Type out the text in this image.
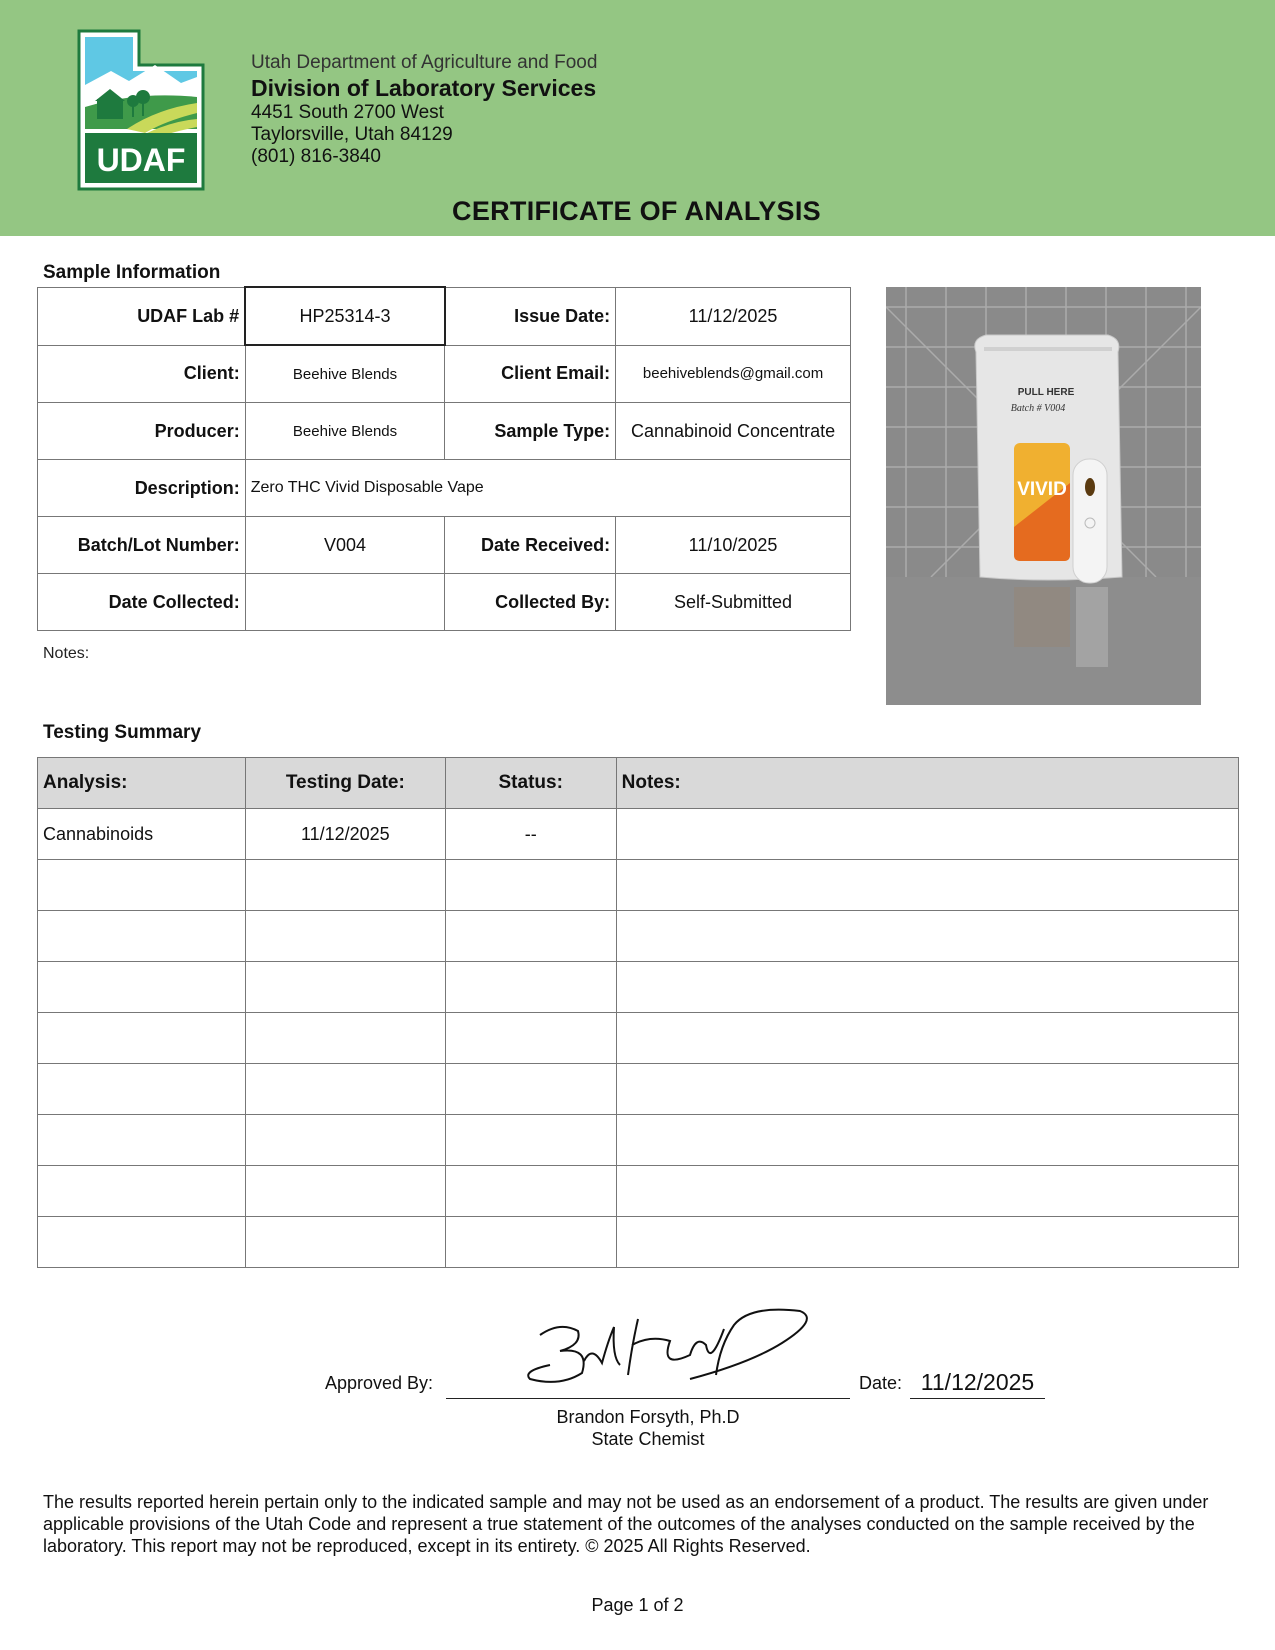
UDAF
Utah Department of Agriculture and Food
Division of Laboratory Services
4451 South 2700 West
Taylorsville, Utah 84129
(801) 816-3840
CERTIFICATE OF ANALYSIS
Sample Information
UDAF Lab #	HP25314-3	Issue Date:	11/12/2025
Client:	Beehive Blends	Client Email:	beehiveblends@gmail.com
Producer:	Beehive Blends	Sample Type:	Cannabinoid Concentrate
Description:	Zero THC Vivid Disposable Vape		
Batch/Lot Number:	V004	Date Received:	11/10/2025
Date Collected:		Collected By:	Self-Submitted
Notes:
PULL HERE
Batch # V004
VIVID
Testing Summary
Analysis:	Testing Date:	Status:	Notes:
Cannabinoids	11/12/2025	--	

Approved By:	Date: 11/12/2025
Brandon Forsyth, Ph.D
State Chemist
The results reported herein pertain only to the indicated sample and may not be used as an endorsement of a product. The results are given under applicable provisions of the Utah Code and represent a true statement of the outcomes of the analyses conducted on the sample received by the laboratory. This report may not be reproduced, except in its entirety. © 2025 All Rights Reserved.
Page 1 of 2
